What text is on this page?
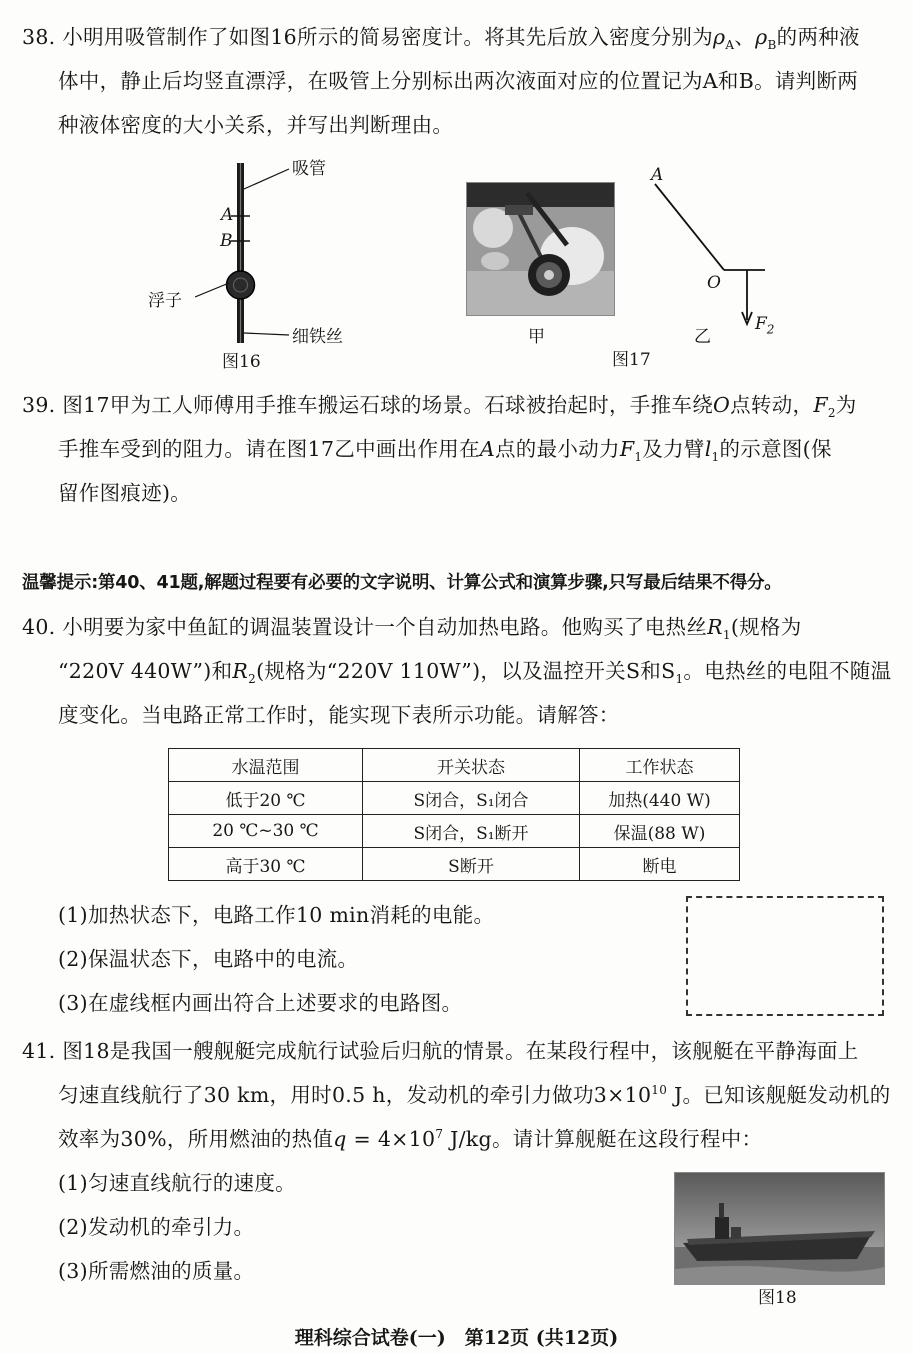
38. 小明用吸管制作了如图16所示的简易密度计。将其先后放入密度分别为$\rho_A$、$\rho_B$的两种液
体中，静止后均竖直漂浮，在吸管上分别标出两次液面对应的位置记为A和B。请判断两
种液体密度的大小关系，并写出判断理由。
吸管
A
B
浮子
细铁丝
图16
甲
图17
A
O
$F_2$
乙
39. 图17甲为工人师傅用手推车搬运石球的场景。石球被抬起时，手推车绕O点转动，$F_2$为
手推车受到的阻力。请在图17乙中画出作用在A点的最小动力$F_1$及力臂$l_1$的示意图(保
留作图痕迹)。
温馨提示:第40、41题,解题过程要有必要的文字说明、计算公式和演算步骤,只写最后结果不得分。
40. 小明要为家中鱼缸的调温装置设计一个自动加热电路。他购买了电热丝$R_1$(规格为
“220V 440W”)和$R_2$(规格为“220V 110W”)，以及温控开关S和$S_1$。电热丝的电阻不随温
度变化。当电路正常工作时，能实现下表所示功能。请解答：
水温范围	开关状态	工作状态
低于20 ℃	S闭合，S₁闭合	加热(440 W)
20 ℃~30 ℃	S闭合，S₁断开	保温(88 W)
高于30 ℃	S断开	断电
(1)加热状态下，电路工作10 min消耗的电能。
(2)保温状态下，电路中的电流。
(3)在虚线框内画出符合上述要求的电路图。
41. 图18是我国一艘舰艇完成航行试验后归航的情景。在某段行程中，该舰艇在平静海面上
匀速直线航行了30 km，用时0.5 h，发动机的牵引力做功$3\times 10^{10}$ J。已知该舰艇发动机的
效率为30%，所用燃油的热值$q = 4\times 10^7$ J/kg。请计算舰艇在这段行程中：
(1)匀速直线航行的速度。
(2)发动机的牵引力。
(3)所需燃油的质量。
图18
理科综合试卷(一)　第12页 (共12页)
